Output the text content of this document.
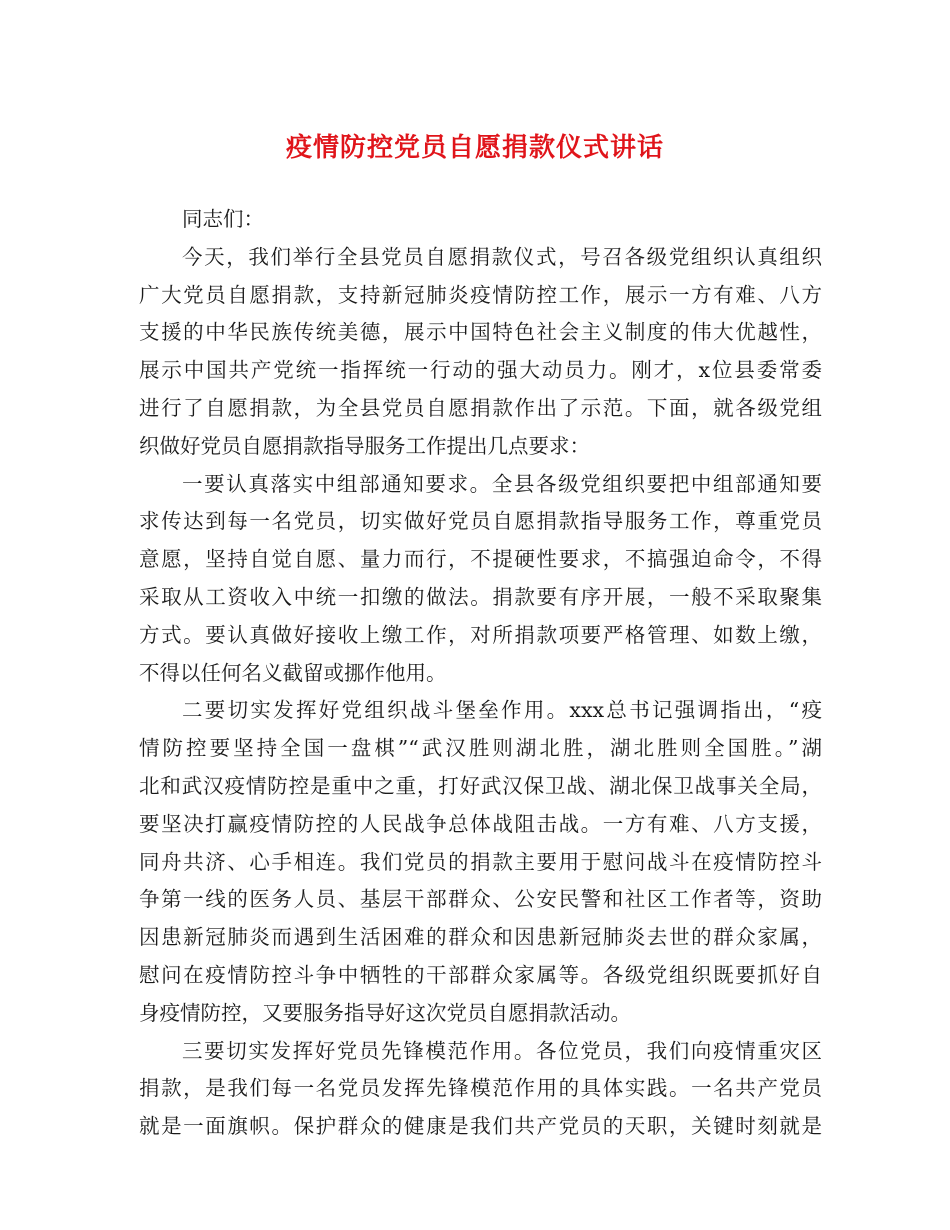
疫情防控党员自愿捐款仪式讲话
同志们：
今天，我们举行全县党员自愿捐款仪式，号召各级党组织认真组织
广大党员自愿捐款，支持新冠肺炎疫情防控工作，展示一方有难、八方
支援的中华民族传统美德，展示中国特色社会主义制度的伟大优越性，
展示中国共产党统一指挥统一行动的强大动员力。刚才，x位县委常委
进行了自愿捐款，为全县党员自愿捐款作出了示范。下面，就各级党组
织做好党员自愿捐款指导服务工作提出几点要求：
一要认真落实中组部通知要求。全县各级党组织要把中组部通知要
求传达到每一名党员，切实做好党员自愿捐款指导服务工作，尊重党员
意愿，坚持自觉自愿、量力而行，不提硬性要求，不搞强迫命令，不得
采取从工资收入中统一扣缴的做法。捐款要有序开展，一般不采取聚集
方式。要认真做好接收上缴工作，对所捐款项要严格管理、如数上缴，
不得以任何名义截留或挪作他用。
二要切实发挥好党组织战斗堡垒作用。xxx总书记强调指出，“疫
情防控要坚持全国一盘棋”“武汉胜则湖北胜，湖北胜则全国胜。”湖
北和武汉疫情防控是重中之重，打好武汉保卫战、湖北保卫战事关全局，
要坚决打赢疫情防控的人民战争总体战阻击战。一方有难、八方支援，
同舟共济、心手相连。我们党员的捐款主要用于慰问战斗在疫情防控斗
争第一线的医务人员、基层干部群众、公安民警和社区工作者等，资助
因患新冠肺炎而遇到生活困难的群众和因患新冠肺炎去世的群众家属，
慰问在疫情防控斗争中牺牲的干部群众家属等。各级党组织既要抓好自
身疫情防控，又要服务指导好这次党员自愿捐款活动。
三要切实发挥好党员先锋模范作用。各位党员，我们向疫情重灾区
捐款，是我们每一名党员发挥先锋模范作用的具体实践。一名共产党员
就是一面旗帜。保护群众的健康是我们共产党员的天职，关键时刻就是
